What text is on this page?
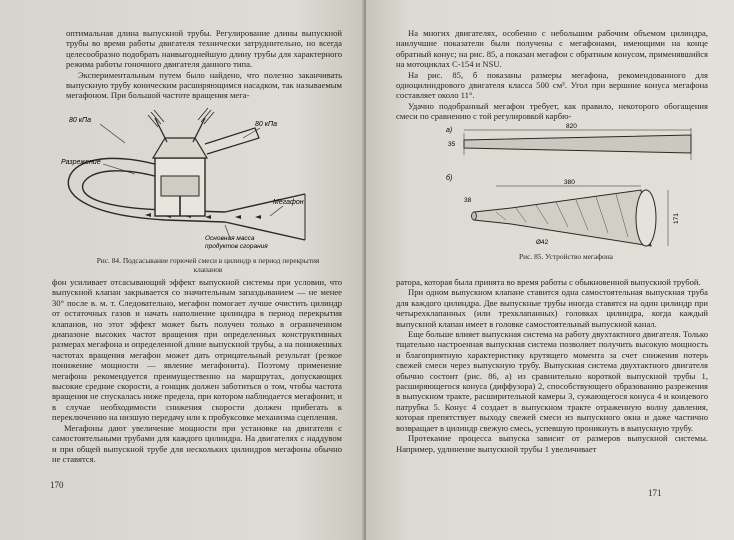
оптимальная длина выпускной трубы. Регулирование длины выпускной трубы во время работы двигателя технически затруднительно, но всегда целесообразно подобрать наивыгоднейшую длину трубы для характерного режима работы гоночного двигателя данного типа.

Экспериментальным путем было найдено, что полезно заканчивать выпускную трубу коническим расширяющимся насадком, так называемым мегафоном. При большой частоте вращения мега-

80 кПа
80 кПа
Разрежение
Мегафон
Основная масса
продуктов сгорания

Рис. 84. Подсасывание горючей смеси в цилиндр в период перекрытия клапанов

фон усиливает отсасывающий эффект выпускной системы при условии, что выпускной клапан закрывается со значительным запаздыванием — не менее 30° после в. м. т. Следовательно, мегафон помогает лучше очистить цилиндр от остаточных газов и начать наполнение цилиндра в период перекрытия клапанов, но этот эффект может быть получен только в ограниченном диапазоне высоких частот вращения при определенных конструктивных размерах мегафона и определенной длине выпускной трубы, а на пониженных частотах вращения мегафон может дать отрицательный результат (резкое понижение мощности — явление мегафонита). Поэтому применение мегафона рекомендуется преимущественно на маршрутах, допускающих высокие средние скорости, а гонщик должен заботиться о том, чтобы частота вращения не спускалась ниже предела, при котором наблюдается мегафонит, и в случае необходимости снижения скорости должен прибегать к переключению на низшую передачу или к пробуксовке механизма сцепления.

Мегафоны дают увеличение мощности при установке на двигатели с самостоятельными трубами для каждого цилиндра. На двигателях с наддувом и при общей выпускной трубе для нескольких цилиндров мегафоны обычно не ставятся.

170

На многих двигателях, особенно с небольшим рабочим объемом цилиндра, наилучшие показатели были получены с мегафонами, имеющими на конце обратный конус; на рис. 85, а показан мегафон с обратным конусом, применявшийся на мотоциклах С-154 и NSU.

На рис. 85, б показаны размеры мегафона, рекомендованного для одноцилиндрового двигателя класса 500 см³. Угол при вершине конуса мегафона составляет около 11°.

Удачно подобранный мегафон требует, как правило, некоторого обогащения смеси по сравнению с той регулировкой карбю-

а)
820
35
б)
380
38
171
Ø42

Рис. 85. Устройство мегафона

ратора, которая была принята во время работы с обыкновенной выпускной трубой.

При одном выпускном клапане ставится одна самостоятельная выпускная труба для каждого цилиндра. Две выпускные трубы иногда ставятся на один цилиндр при четырехклапанных (или трехклапанных) головках цилиндра, когда каждый выпускной клапан имеет в головке самостоятельный выпускной канал.

Еще больше влияет выпускная система на работу двухтактного двигателя. Только тщательно настроенная выпускная система позволяет получить высокую мощность и благоприятную характеристику крутящего момента за счет снижения потерь свежей смеси через выпускную трубу. Выпускная система двухтактного двигателя обычно состоит (рис. 86, а) из сравнительно короткой выпускной трубы 1, расширяющегося конуса (диффузора) 2, способствующего образованию разрежения в выпускном тракте, расширительной камеры 3, сужающегося конуса 4 и концевого патрубка 5. Конус 4 создает в выпускном тракте отраженную волну давления, которая препятствует выходу свежей смеси из выпускного окна и даже частично возвращает в цилиндр свежую смесь, успевшую проникнуть в выпускную трубу.

Протекание процесса выпуска зависит от размеров выпускной системы. Например, удлинение выпускной трубы 1 увеличивает

171
